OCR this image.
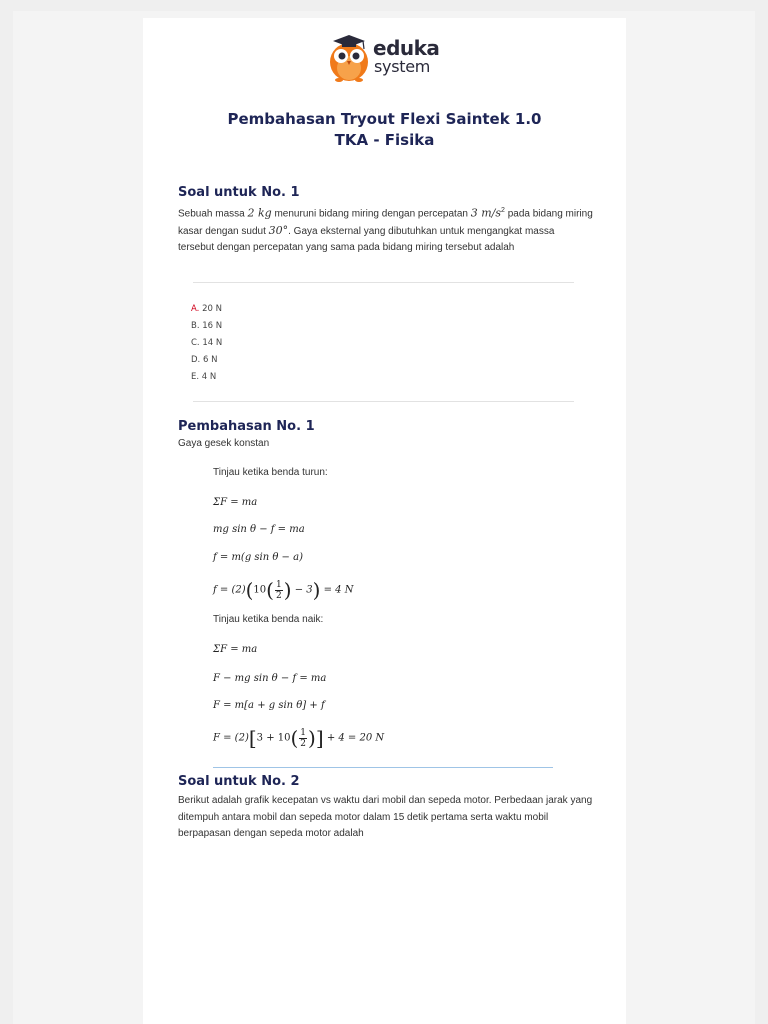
eduka
system
Pembahasan Tryout Flexi Saintek 1.0
TKA - Fisika
Soal untuk No. 1
Sebuah massa 2 kg menuruni bidang miring dengan percepatan 3 $m/s^2$ pada bidang miring kasar dengan sudut 30°. Gaya eksternal yang dibutuhkan untuk mengangkat massa tersebut dengan percepatan yang sama pada bidang miring tersebut adalah
A. 20 N
B. 16 N
C. 14 N
D. 6 N
E. 4 N
Pembahasan No. 1
Gaya gesek konstan
Tinjau ketika benda turun:
ΣF = ma
mg sin θ − f = ma
f = m(g sin θ − a)
$f = (2)(10( \frac{1}{2}$ ) − 3) = 4 N
Tinjau ketika benda naik:
ΣF = ma
F − mg sin θ − f = ma
F = m[a + g sin θ] + f
$F = (2)[3 + 10( \frac{1}{2}$ )] + 4 = 20 N
Soal untuk No. 2
Berikut adalah grafik kecepatan vs waktu dari mobil dan sepeda motor. Perbedaan jarak yang ditempuh antara mobil dan sepeda motor dalam 15 detik pertama serta waktu mobil berpapasan dengan sepeda motor adalah
